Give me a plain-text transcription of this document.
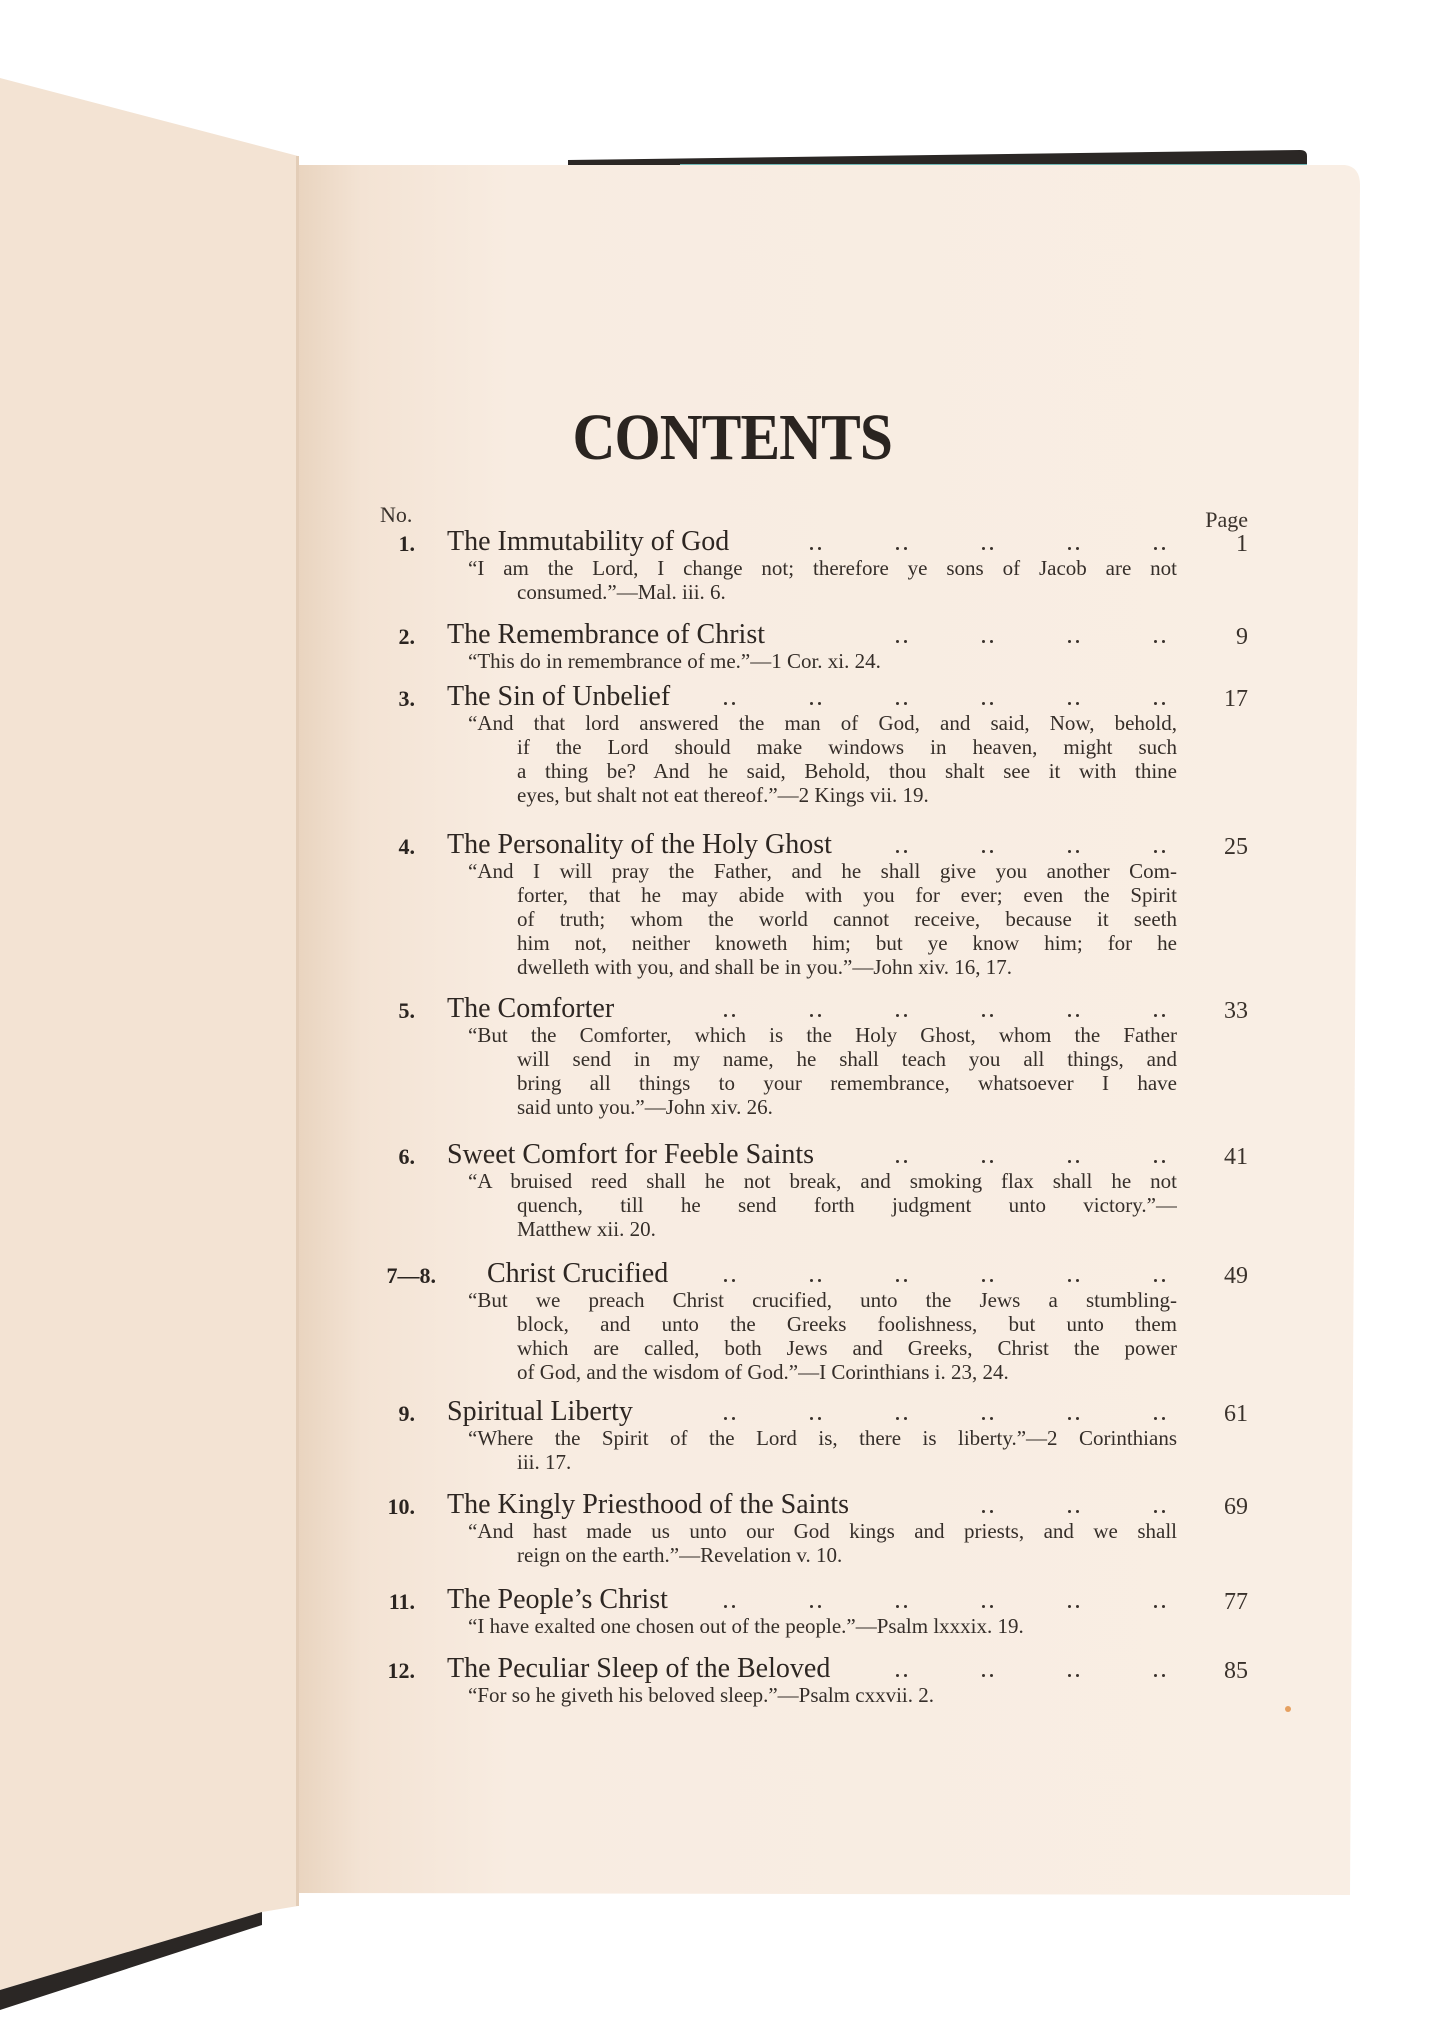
CONTENTS
No.	Page
1. The Immutability of God	1
“I am the Lord, I change not; therefore ye sons of Jacob are not
consumed.”—Mal. iii. 6.
2. The Remembrance of Christ	9
“This do in remembrance of me.”—1 Cor. xi. 24.
3. The Sin of Unbelief	17
“And that lord answered the man of God, and said, Now, behold,
if the Lord should make windows in heaven, might such
a thing be? And he said, Behold, thou shalt see it with thine
eyes, but shalt not eat thereof.”—2 Kings vii. 19.
4. The Personality of the Holy Ghost	25
“And I will pray the Father, and he shall give you another Com-
forter, that he may abide with you for ever; even the Spirit
of truth; whom the world cannot receive, because it seeth
him not, neither knoweth him; but ye know him; for he
dwelleth with you, and shall be in you.”—John xiv. 16, 17.
5. The Comforter	33
“But the Comforter, which is the Holy Ghost, whom the Father
will send in my name, he shall teach you all things, and
bring all things to your remembrance, whatsoever I have
said unto you.”—John xiv. 26.
6. Sweet Comfort for Feeble Saints	41
“A bruised reed shall he not break, and smoking flax shall he not
quench, till he send forth judgment unto victory.”—
Matthew xii. 20.
7—8. Christ Crucified	49
“But we preach Christ crucified, unto the Jews a stumbling-
block, and unto the Greeks foolishness, but unto them
which are called, both Jews and Greeks, Christ the power
of God, and the wisdom of God.”—I Corinthians i. 23, 24.
9. Spiritual Liberty	61
“Where the Spirit of the Lord is, there is liberty.”—2 Corinthians
iii. 17.
10. The Kingly Priesthood of the Saints	69
“And hast made us unto our God kings and priests, and we shall
reign on the earth.”—Revelation v. 10.
11. The People’s Christ	77
“I have exalted one chosen out of the people.”—Psalm lxxxix. 19.
12. The Peculiar Sleep of the Beloved	85
“For so he giveth his beloved sleep.”—Psalm cxxvii. 2.
